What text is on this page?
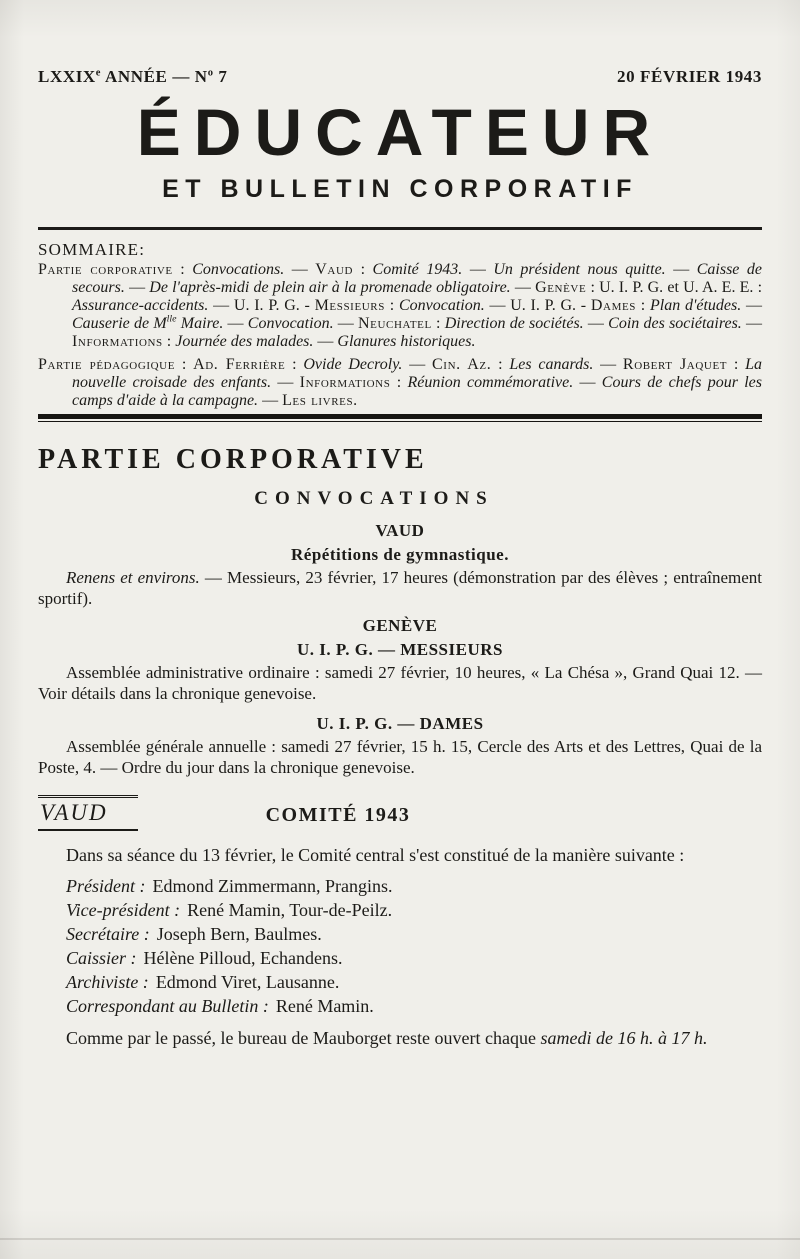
LXXIXe ANNÉE — $N^o$ 7	20 FÉVRIER 1943
ÉDUCATEUR
ET BULLETIN CORPORATIF
SOMMAIRE:

Partie corporative : Convocations. — Vaud : Comité 1943. — Un président nous quitte. — Caisse de secours. — De l'après-midi de plein air à la promenade obligatoire. — Genève : U. I. P. G. et U. A. E. E. : Assurance-accidents. — U. I. P. G. - Messieurs : Convocation. — U. I. P. G. - Dames : Plan d'études. — Causerie de $M^{lle}$ Maire. — Convocation. — Neuchatel : Direction de sociétés. — Coin des sociétaires. — Informations : Journée des malades. — Glanures historiques.

Partie pédagogique : Ad. Ferrière : Ovide Decroly. — Cin. Az. : Les canards. — Robert Jaquet : La nouvelle croisade des enfants. — Informations : Réunion commémorative. — Cours de chefs pour les camps d'aide à la campagne. — Les livres.

PARTIE CORPORATIVE
CONVOCATIONS
VAUD
Répétitions de gymnastique.

Renens et environs. — Messieurs, 23 février, 17 heures (démonstration par des élèves ; entraînement sportif).

GENÈVE
U. I. P. G. — MESSIEURS

Assemblée administrative ordinaire : samedi 27 février, 10 heures, « La Chésa », Grand Quai 12. — Voir détails dans la chronique genevoise.

U. I. P. G. — DAMES

Assemblée générale annuelle : samedi 27 février, 15 h. 15, Cercle des Arts et des Lettres, Quai de la Poste, 4. — Ordre du jour dans la chronique genevoise.

VAUD	COMITÉ 1943

Dans sa séance du 13 février, le Comité central s'est constitué de la manière suivante :

Président : Edmond Zimmermann, Prangins.
Vice-président : René Mamin, Tour-de-Peilz.
Secrétaire : Joseph Bern, Baulmes.
Caissier : Hélène Pilloud, Echandens.
Archiviste : Edmond Viret, Lausanne.
Correspondant au Bulletin : René Mamin.

Comme par le passé, le bureau de Mauborget reste ouvert chaque samedi de 16 h. à 17 h.
